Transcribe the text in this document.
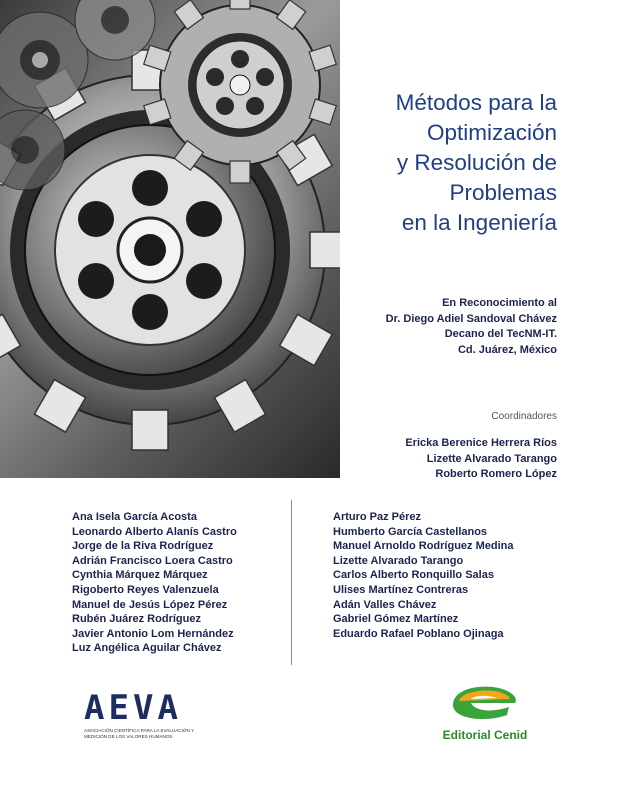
Métodos para la
Optimización
y Resolución de
Problemas
en la Ingeniería
En Reconocimiento al
Dr. Diego Adiel Sandoval Chávez
Decano del TecNM-IT.
Cd. Juárez, México
Coordinadores
Ericka Berenice Herrera Ríos
Lizette Alvarado Tarango
Roberto Romero López
Ana Isela García Acosta
Leonardo Alberto Alanís Castro
Jorge de la Riva Rodríguez
Adrián Francisco Loera Castro
Cynthia Márquez Márquez
Rigoberto Reyes Valenzuela
Manuel de Jesús López Pérez
Rubén Juárez Rodríguez
Javier Antonio Lom Hernández
Luz Angélica Aguilar Chávez
Arturo Paz Pérez
Humberto García Castellanos
Manuel Arnoldo Rodríguez Medina
Lizette Alvarado Tarango
Carlos Alberto Ronquillo Salas
Ulises Martínez Contreras
Adán Valles Chávez
Gabriel Gómez Martínez
Eduardo Rafael Poblano Ojinaga
A E V A
ASOCIACIÓN CIENTÍFICA PARA LA EVALUACIÓN Y
MEDICIÓN DE LOS VALORES HUMANOS	Editorial Cenid
